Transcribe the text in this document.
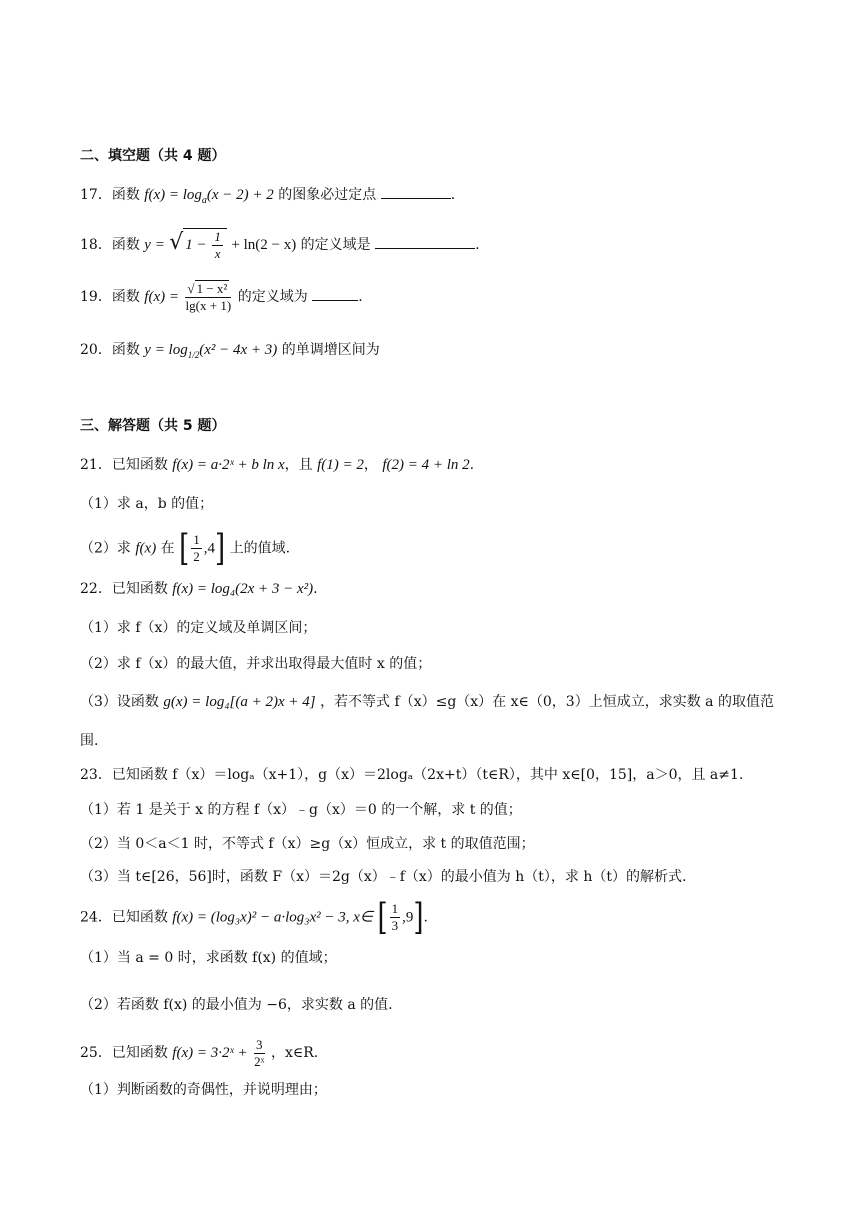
二、填空题（共 4 题）
17．函数 $f(x) = \log_a(x - 2) + 2$ 的图象必过定点	.
18．函数 y = √ $1 - \frac{1}{x} + \ln(2 - x)$ 的定义域是	.
19．函数 $f(x) = \frac{\text{√ 1 − x²}}{\lg(x + 1)}$ 的定义域为	.
20．函数 $y = \log_{1/2}(x^2 - 4x + 3)$ 的单调增区间为
三、解答题（共 5 题）
21．已知函数 f(x) = a·2ˣ + b ln x，且 f(1) = 2， f(2) = 4 + ln 2.
（1）求 a，b 的值；
（2）求 f(x) 在 [ $\frac{1}{2} ,4$] 上的值域.
22．已知函数 f(x) = log₄(2x + 3 − x²).
（1）求 f（x）的定义域及单调区间；
（2）求 f（x）的最大值，并求出取得最大值时 x 的值；
（3）设函数 g(x) = log₄[(a + 2)x + 4] ，若不等式 f（x）≤g（x）在 x∈（0，3）上恒成立，求实数 a 的取值范
围.
23．已知函数 f（x）＝logₐ（x+1），g（x）＝2logₐ（2x+t）（t∈R），其中 x∈[0，15]，a＞0，且 a≠1.
（1）若 1 是关于 x 的方程 f（x）﹣g（x）＝0 的一个解，求 t 的值；
（2）当 0＜a＜1 时，不等式 f（x）≥g（x）恒成立，求 t 的取值范围；
（3）当 t∈[26，56]时，函数 F（x）＝2g（x）﹣f（x）的最小值为 h（t），求 h（t）的解析式.
24．已知函数 f(x) = (log₃x)² − a·log₃x² − 3, x∈ [ $\frac{1}{3} ,9$].
（1）当 a = 0 时，求函数 f(x) 的值域；
（2）若函数 f(x) 的最小值为 −6，求实数 a 的值.
25．已知函数 f(x) = 3·2ˣ + $\frac{3}{\text{2ˣ}}$ ，x∈R.
（1）判断函数的奇偶性，并说明理由；
